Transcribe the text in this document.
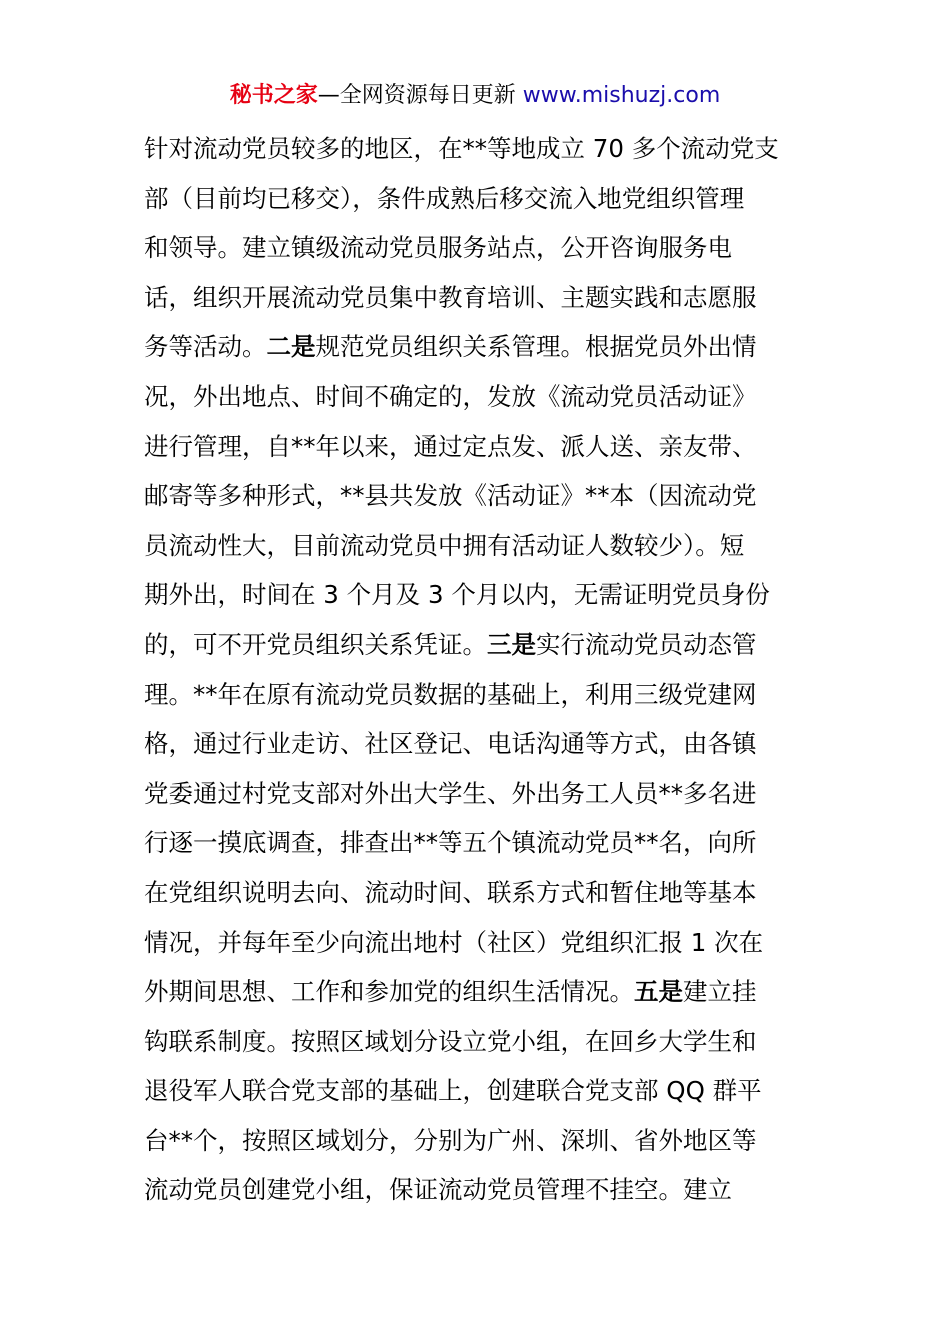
秘书之家—全网资源每日更新 www.mishuzj.com
针对流动党员较多的地区，在**等地成立 70 多个流动党支
部（目前均已移交），条件成熟后移交流入地党组织管理
和领导。建立镇级流动党员服务站点，公开咨询服务电
话，组织开展流动党员集中教育培训、主题实践和志愿服
务等活动。二是规范党员组织关系管理。根据党员外出情
况，外出地点、时间不确定的，发放《流动党员活动证》
进行管理，自**年以来，通过定点发、派人送、亲友带、
邮寄等多种形式，**县共发放《活动证》**本（因流动党
员流动性大，目前流动党员中拥有活动证人数较少）。短
期外出，时间在 3 个月及 3 个月以内，无需证明党员身份
的，可不开党员组织关系凭证。三是实行流动党员动态管
理。**年在原有流动党员数据的基础上，利用三级党建网
格，通过行业走访、社区登记、电话沟通等方式，由各镇
党委通过村党支部对外出大学生、外出务工人员**多名进
行逐一摸底调查，排查出**等五个镇流动党员**名，向所
在党组织说明去向、流动时间、联系方式和暂住地等基本
情况，并每年至少向流出地村（社区）党组织汇报 1 次在
外期间思想、工作和参加党的组织生活情况。五是建立挂
钩联系制度。按照区域划分设立党小组，在回乡大学生和
退役军人联合党支部的基础上，创建联合党支部 QQ 群平
台**个，按照区域划分，分别为广州、深圳、省外地区等
流动党员创建党小组，保证流动党员管理不挂空。建立
